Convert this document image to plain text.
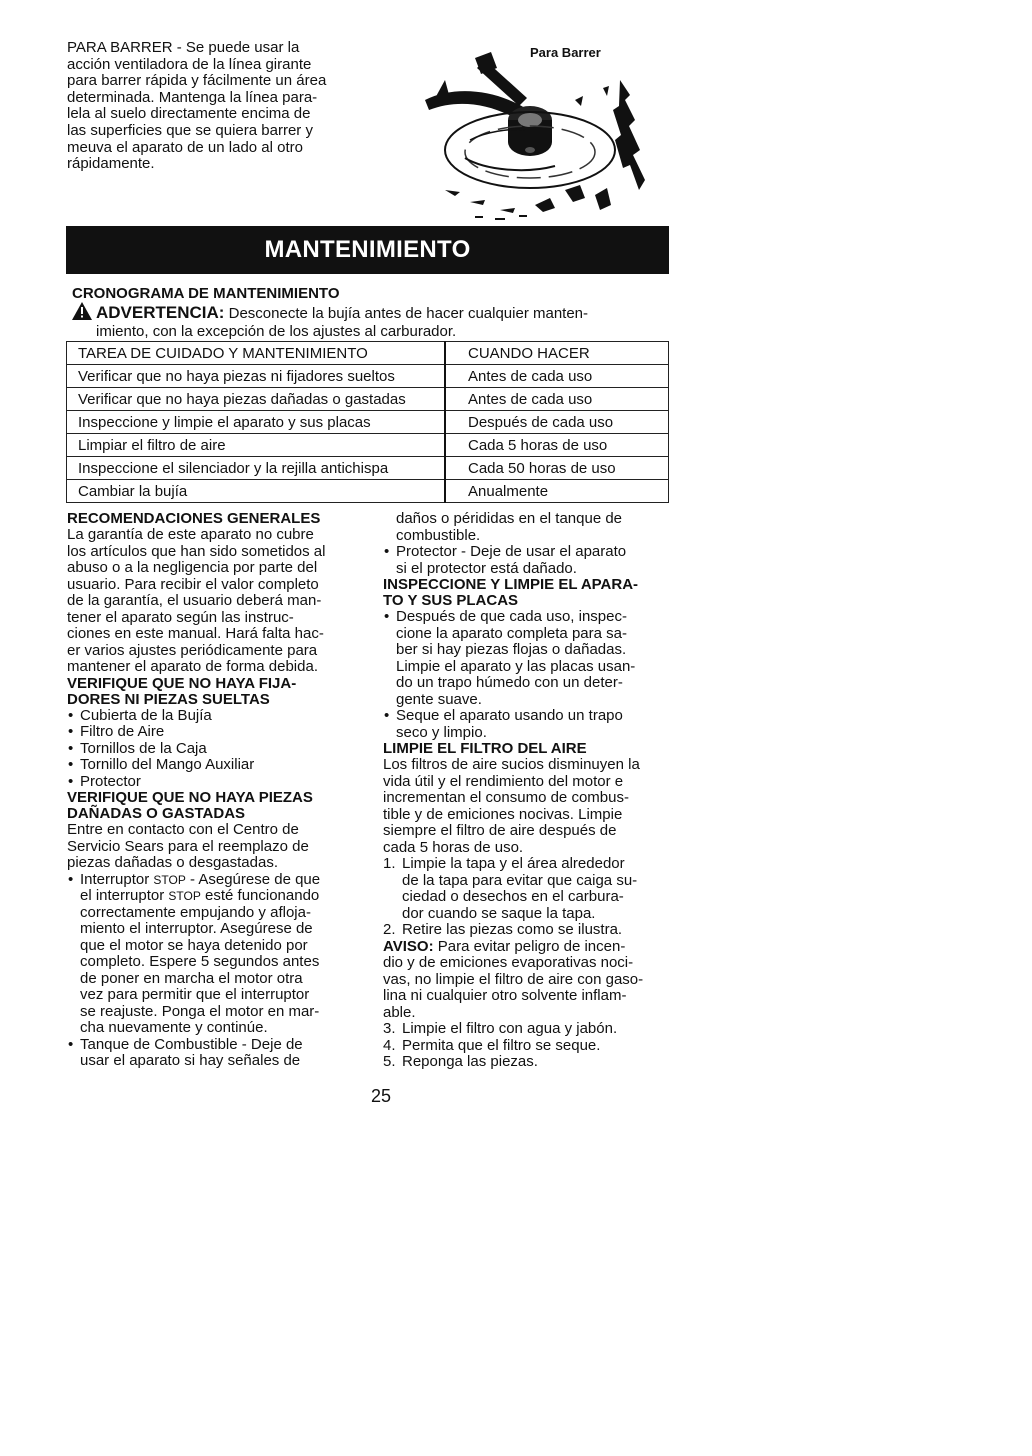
PARA BARRER - Se puede usar la

acción ventiladora de la línea girante

para barrer rápida y fácilmente un área

determinada. Mantenga la línea para-

lela al suelo directamente encima de

las superficies que se quiera barrer y

meuva el aparato de un lado al otro

rápidamente.

Para Barrer
MANTENIMIENTO
CRONOGRAMA DE MANTENIMIENTO
ADVERTENCIA: Desconecte la bujía antes de hacer cualquier manten-
imiento, con la excepción de los ajustes al carburador.
TAREA DE CUIDADO Y MANTENIMIENTO	CUANDO HACER
Verificar que no haya piezas ni fijadores sueltos	Antes de cada uso
Verificar que no haya piezas dañadas o gastadas	Antes de cada uso
Inspeccione y limpie el aparato y sus placas	Después de cada uso
Limpiar el filtro de aire	Cada 5 horas de uso
Inspeccione el silenciador y la rejilla antichispa	Cada 50 horas de uso
Cambiar la bujía	Anualmente
RECOMENDACIONES GENERALES

La garantía de este aparato no cubre

los artículos que han sido sometidos al

abuso o a la negligencia por parte del

usuario. Para recibir el valor completo

de la garantía, el usuario deberá man-

tener el aparato según las instruc-

ciones en este manual. Hará falta hac-

er varios ajustes periódicamente para

mantener el aparato de forma debida.

VERIFIQUE QUE NO HAYA FIJA-
DORES NI PIEZAS SUELTAS
• Cubierta de la Bujía
• Filtro de Aire
• Tornillos de la Caja
• Tornillo del Mango Auxiliar
• Protector
VERIFIQUE QUE NO HAYA PIEZAS
DAÑADAS O GASTADAS

Entre en contacto con el Centro de

Servicio Sears para el reemplazo de

piezas dañadas o desgastadas.

• Interruptor STOP - Asegúrese de que
el interruptor STOP esté funcionando
correctamente empujando y afloja-
miento el interruptor. Asegúrese de
que el motor se haya detenido por
completo. Espere 5 segundos antes
de poner en marcha el motor otra
vez para permitir que el interruptor
se reajuste. Ponga el motor en mar-
cha nuevamente y continúe.
• Tanque de Combustible - Deje de
usar el aparato si hay señales de
daños o pérididas en el tanque de
combustible.
• Protector - Deje de usar el aparato
si el protector está dañado.
INSPECCIONE Y LIMPIE EL APARA-
TO Y SUS PLACAS
• Después de que cada uso, inspec-
cione la aparato completa para sa-
ber si hay piezas flojas o dañadas.
Limpie el aparato y las placas usan-
do un trapo húmedo con un deter-
gente suave.
• Seque el aparato usando un trapo
seco y limpio.
LIMPIE EL FILTRO DEL AIRE

Los filtros de aire sucios disminuyen la

vida útil y el rendimiento del motor e

incrementan el consumo de combus-

tible y de emiciones nocivas. Limpie

siempre el filtro de aire después de

cada 5 horas de uso.

1. Limpie la tapa y el área alrededor
de la tapa para evitar que caiga su-
ciedad o desechos en el carbura-
dor cuando se saque la tapa.
2. Retire las piezas como se ilustra.

AVISO: Para evitar peligro de incen-

dio y de emiciones evaporativas noci-

vas, no limpie el filtro de aire con gaso-

lina ni cualquier otro solvente inflam-

able.

3. Limpie el filtro con agua y jabón.
4. Permita que el filtro se seque.
5. Reponga las piezas.
25
